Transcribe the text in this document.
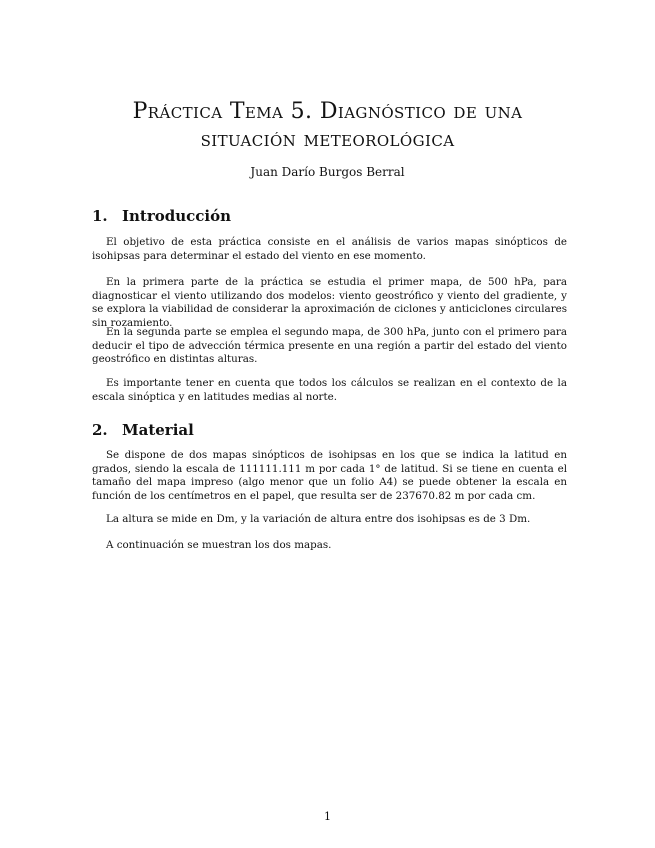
Práctica Tema 5. Diagnóstico de una
situación meteorológica

Juan Darío Burgos Berral

1. Introducción

El objetivo de esta práctica consiste en el análisis de varios mapas sinópticos de isohipsas para determinar el estado del viento en ese momento.

En la primera parte de la práctica se estudia el primer mapa, de 500 hPa, para diagnosticar el viento utilizando dos modelos: viento geostrófico y viento del gradiente, y se explora la viabilidad de considerar la aproximación de ciclones y anticiclones circulares sin rozamiento.

En la segunda parte se emplea el segundo mapa, de 300 hPa, junto con el primero para deducir el tipo de advección térmica presente en una región a partir del estado del viento geostrófico en distintas alturas.

Es importante tener en cuenta que todos los cálculos se realizan en el contexto de la escala sinóptica y en latitudes medias al norte.

2. Material

Se dispone de dos mapas sinópticos de isohipsas en los que se indica la latitud en grados, siendo la escala de 111111.111 m por cada 1° de latitud. Si se tiene en cuenta el tamaño del mapa impreso (algo menor que un folio A4) se puede obtener la escala en función de los centímetros en el papel, que resulta ser de 237670.82 m por cada cm.

La altura se mide en Dm, y la variación de altura entre dos isohipsas es de 3 Dm.

A continuación se muestran los dos mapas.

1
